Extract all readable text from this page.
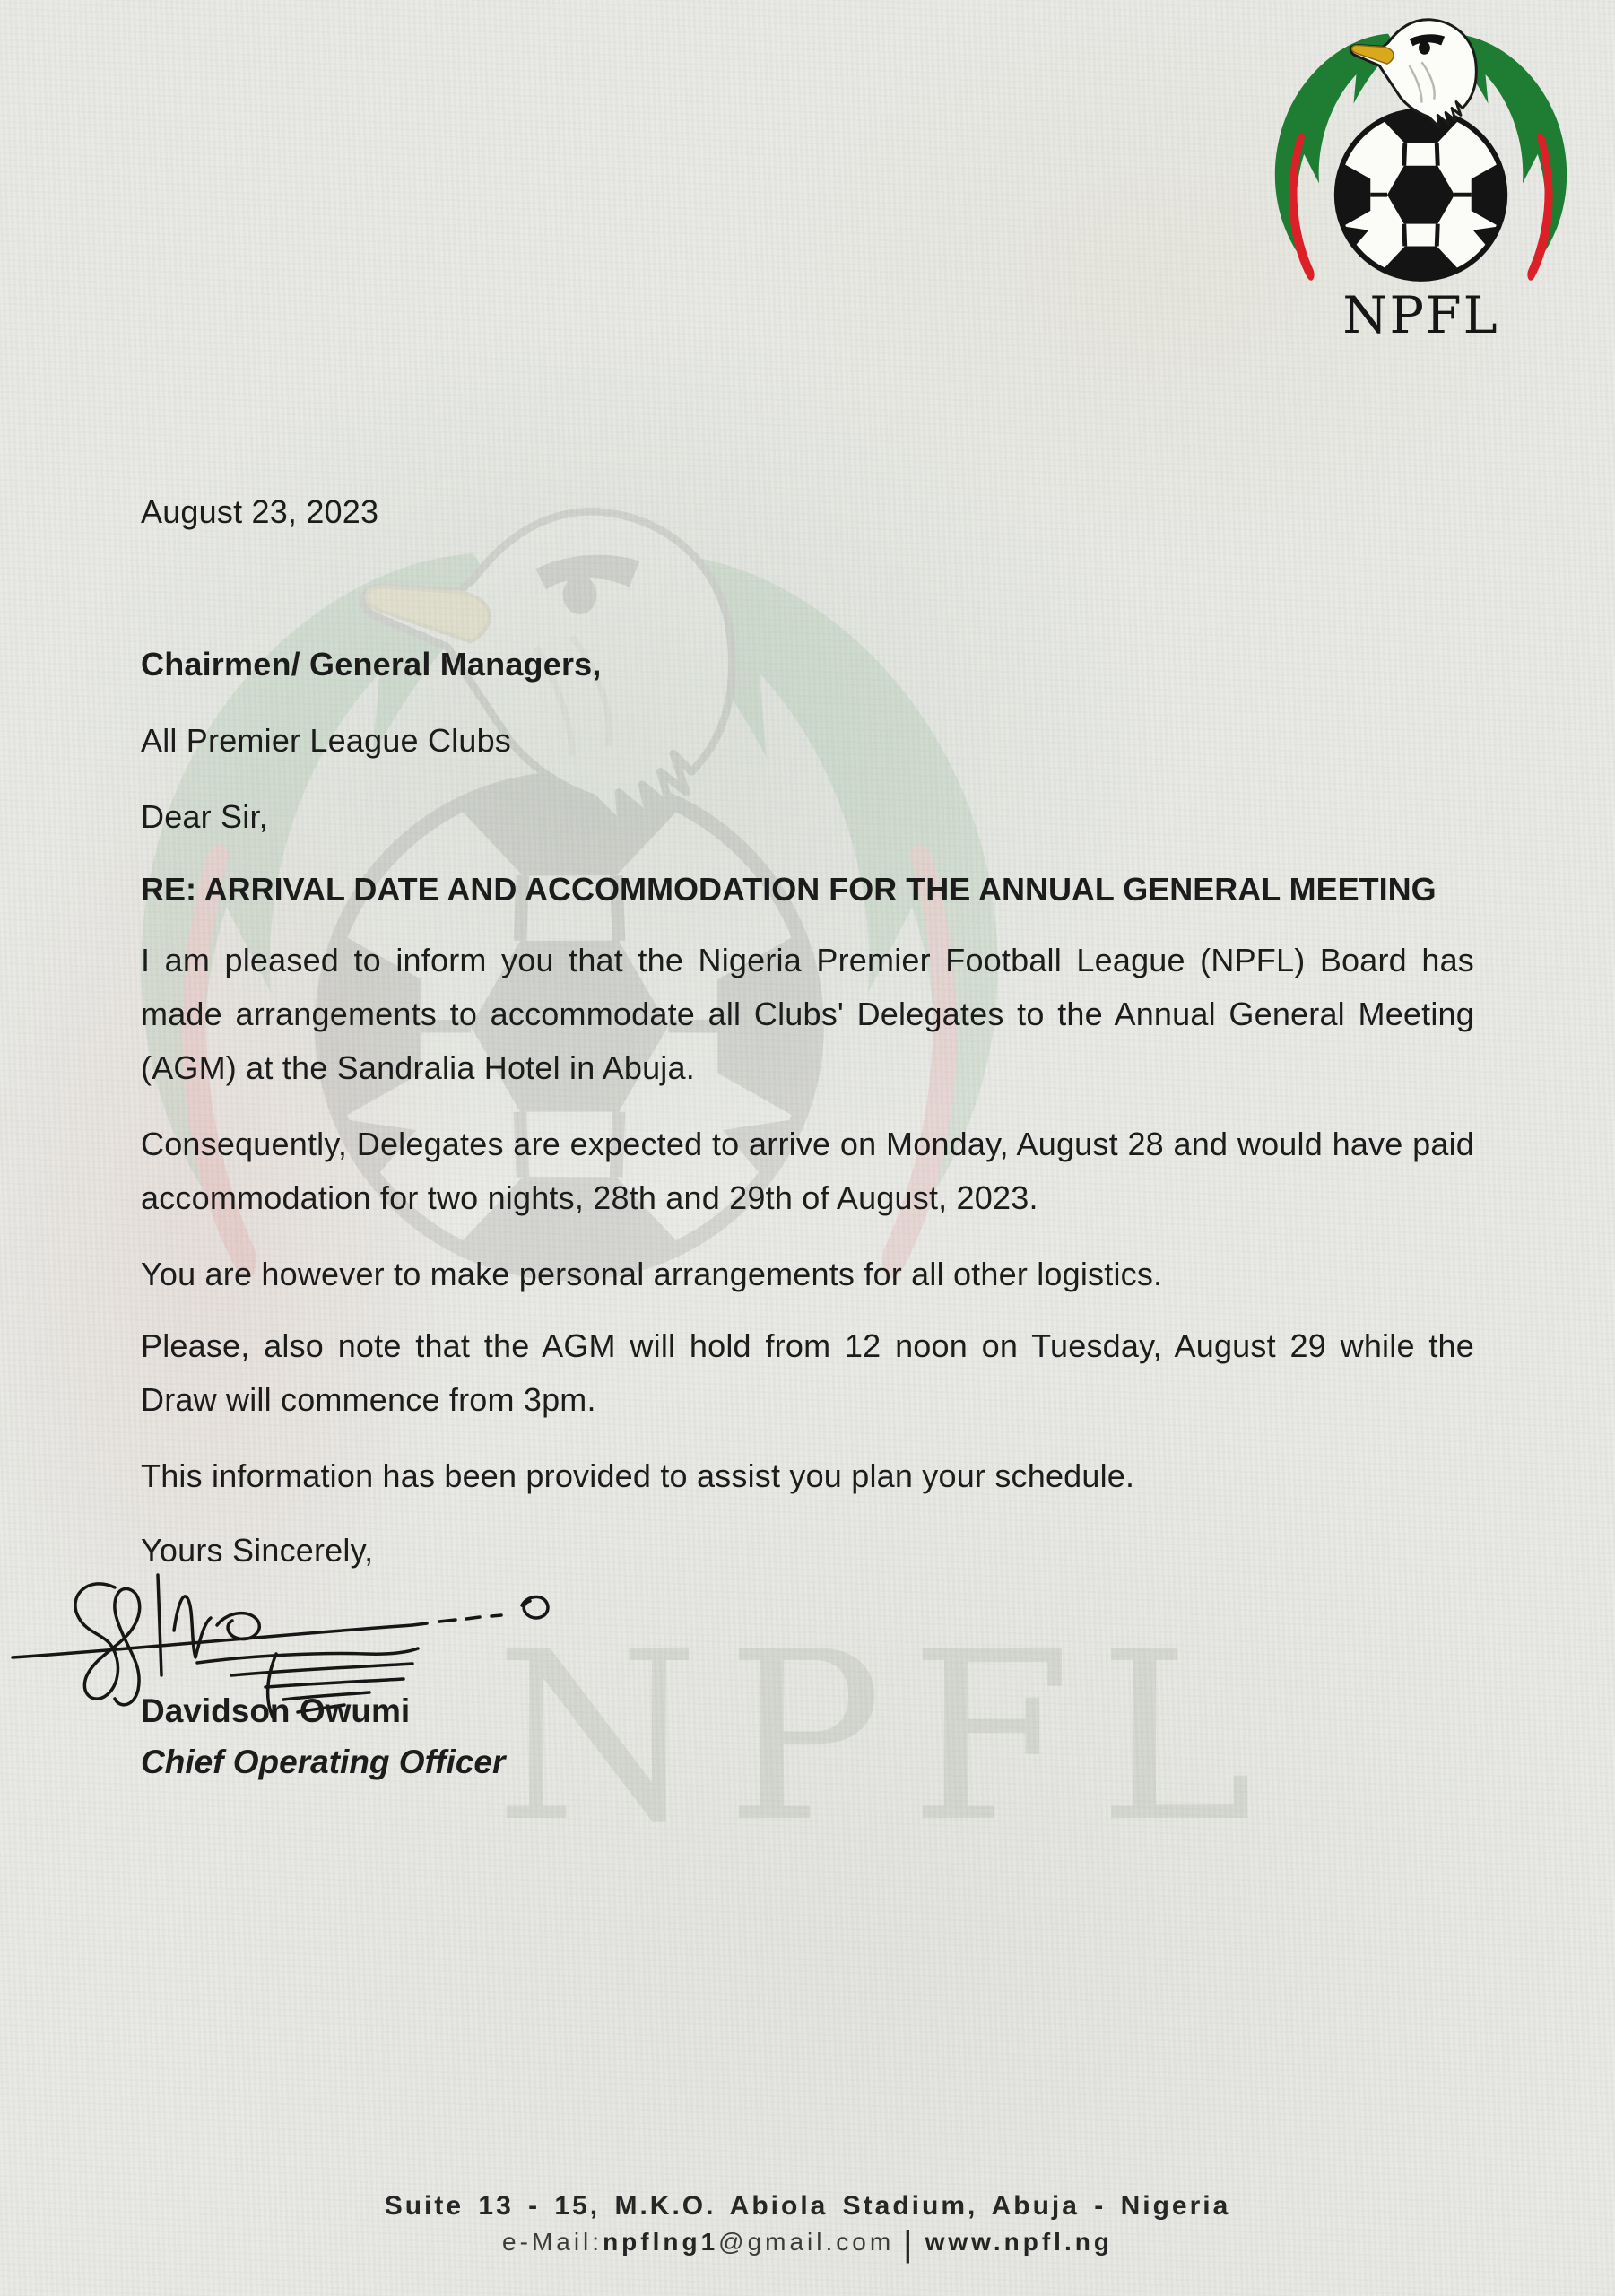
NPFL
NPFL
August 23, 2023
Chairmen/ General Managers,
All Premier League Clubs
Dear Sir,
RE: ARRIVAL DATE AND ACCOMMODATION FOR THE ANNUAL GENERAL MEETING

I am pleased to inform you that the Nigeria Premier Football League (NPFL) Board has made arrangements to accommodate all Clubs' Delegates to the Annual General Meeting (AGM) at the Sandralia Hotel in Abuja.

Consequently, Delegates are expected to arrive on Monday, August 28 and would have paid accommodation for two nights, 28th and 29th of August, 2023.

You are however to make personal arrangements for all other logistics.

Please, also note that the AGM will hold from 12 noon on Tuesday, August 29 while the Draw will commence from 3pm.

This information has been provided to assist you plan your schedule.

Yours Sincerely,
Davidson Owumi
Chief Operating Officer
Suite 13 - 15, M.K.O. Abiola Stadium, Abuja - Nigeria
e-Mail:npflng1@gmail.com | www.npfl.ng
